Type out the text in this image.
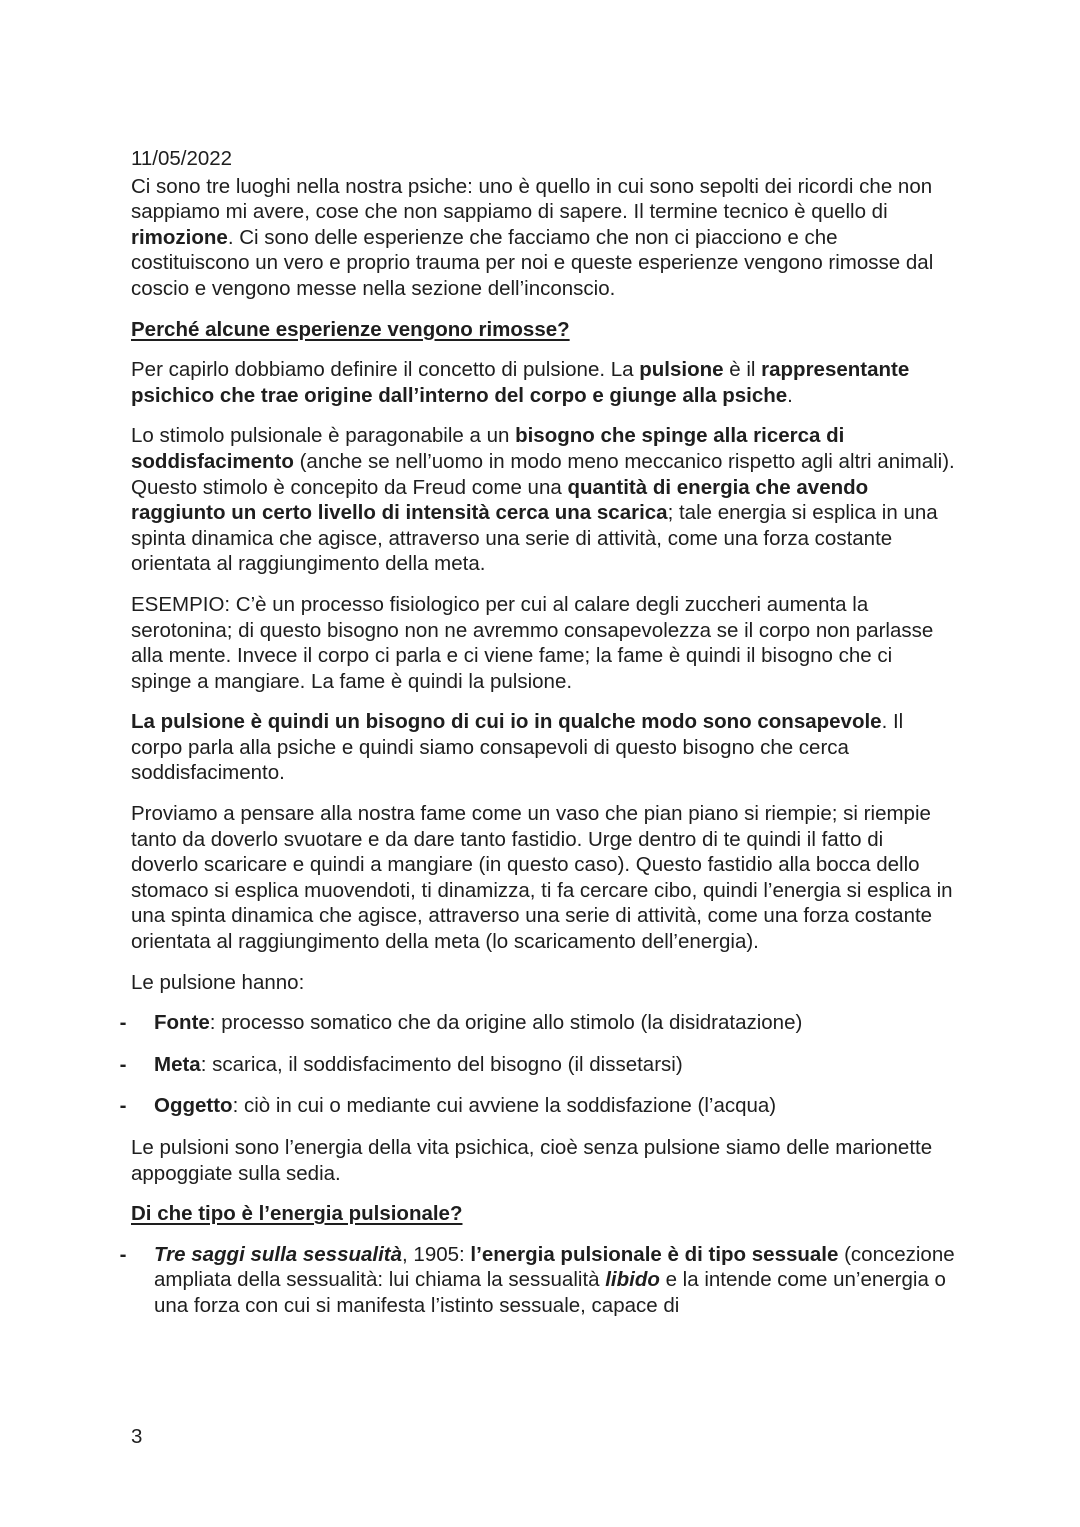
11/05/2022

Ci sono tre luoghi nella nostra psiche: uno è quello in cui sono sepolti dei ricordi che non sappiamo mi avere, cose che non sappiamo di sapere. Il termine tecnico è quello di rimozione. Ci sono delle esperienze che facciamo che non ci piacciono e che costituiscono un vero e proprio trauma per noi e queste esperienze vengono rimosse dal coscio e vengono messe nella sezione dell’inconscio.

Perché alcune esperienze vengono rimosse?

Per capirlo dobbiamo definire il concetto di pulsione. La pulsione è il rappresentante psichico che trae origine dall’interno del corpo e giunge alla psiche.

Lo stimolo pulsionale è paragonabile a un bisogno che spinge alla ricerca di soddisfacimento (anche se nell’uomo in modo meno meccanico rispetto agli altri animali). Questo stimolo è concepito da Freud come una quantità di energia che avendo raggiunto un certo livello di intensità cerca una scarica; tale energia si esplica in una spinta dinamica che agisce, attraverso una serie di attività, come una forza costante orientata al raggiungimento della meta.

ESEMPIO: C’è un processo fisiologico per cui al calare degli zuccheri aumenta la serotonina; di questo bisogno non ne avremmo consapevolezza se il corpo non parlasse alla mente. Invece il corpo ci parla e ci viene fame; la fame è quindi il bisogno che ci spinge a mangiare. La fame è quindi la pulsione.

La pulsione è quindi un bisogno di cui io in qualche modo sono consapevole. Il corpo parla alla psiche e quindi siamo consapevoli di questo bisogno che cerca soddisfacimento.

Proviamo a pensare alla nostra fame come un vaso che pian piano si riempie; si riempie tanto da doverlo svuotare e da dare tanto fastidio. Urge dentro di te quindi il fatto di doverlo scaricare e quindi a mangiare (in questo caso). Questo fastidio alla bocca dello stomaco si esplica muovendoti, ti dinamizza, ti fa cercare cibo, quindi l’energia si esplica in una spinta dinamica che agisce, attraverso una serie di attività, come una forza costante orientata al raggiungimento della meta (lo scaricamento dell’energia).

Le pulsione hanno:

- Fonte: processo somatico che da origine allo stimolo (la disidratazione)
- Meta: scarica, il soddisfacimento del bisogno (il dissetarsi)
- Oggetto: ciò in cui o mediante cui avviene la soddisfazione (l’acqua)

Le pulsioni sono l’energia della vita psichica, cioè senza pulsione siamo delle marionette appoggiate sulla sedia.

Di che tipo è l’energia pulsionale?

- Tre saggi sulla sessualità, 1905: l’energia pulsionale è di tipo sessuale (concezione ampliata della sessualità: lui chiama la sessualità libido e la intende come un’energia o una forza con cui si manifesta l’istinto sessuale, capace di
3
